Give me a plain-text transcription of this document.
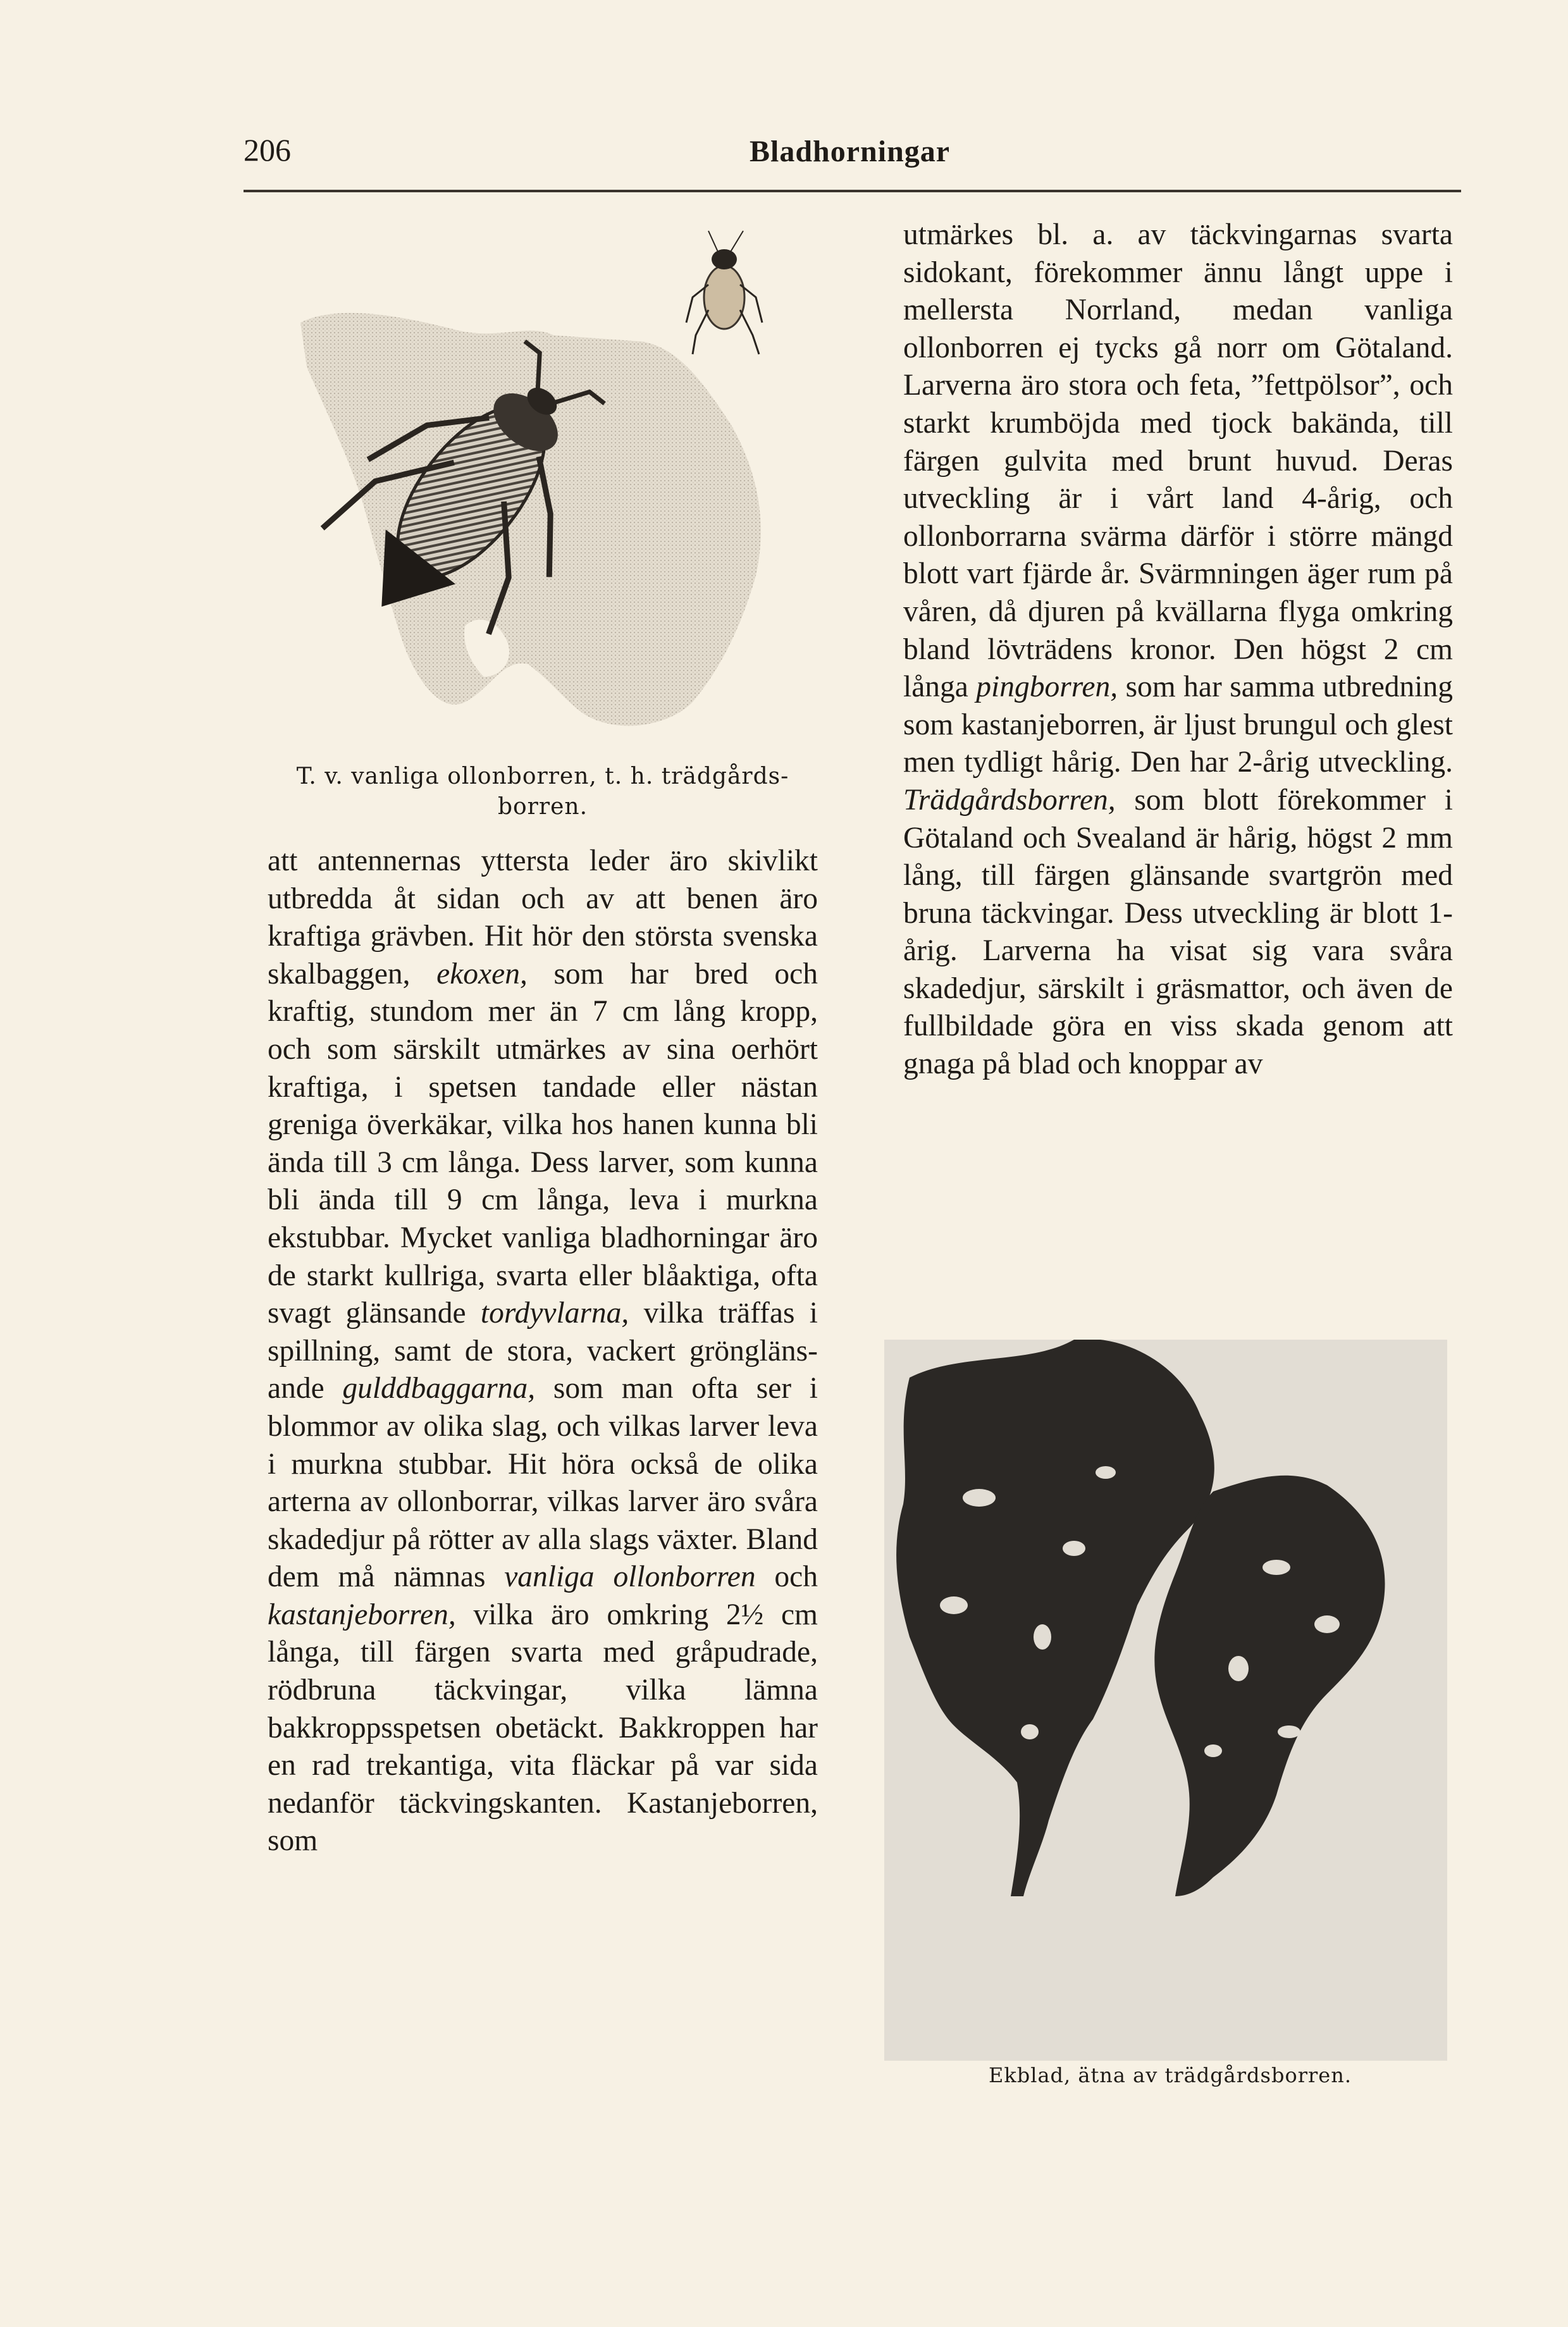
206	Bladhorningar
T. v. vanliga ollonborren, t. h. trädgårds-
borren.

att antennernas yttersta leder äro skivlikt utbredda åt sidan och av att benen äro kraftiga grävben. Hit hör den största svenska skalbaggen, ekoxen, som har bred och kraftig, stundom mer än 7 cm lång kropp, och som särskilt utmärkes av sina oerhört kraftiga, i spetsen tandade eller nästan greniga överkäkar, vilka hos hanen kunna bli ända till 3 cm långa. Dess larver, som kunna bli ända till 9 cm långa, leva i murkna ekstubbar. Mycket vanliga bladhorningar äro de starkt kullriga, svarta eller blåaktiga, ofta svagt glänsande tordyvlarna, vilka träffas i spillning, samt de stora, vackert grönglänsande gulddbaggarna, som man ofta ser i blommor av olika slag, och vilkas larver leva i murkna stubbar. Hit höra också de olika arterna av ollonborrar, vilkas larver äro svåra skadedjur på rötter av alla slags växter. Bland dem må nämnas vanliga ollonborren och kastanjeborren, vilka äro omkring 2½ cm långa, till färgen svarta med gråpudrade, rödbruna täckvingar, vilka lämna bakkroppsspetsen obetäckt. Bakkroppen har en rad trekantiga, vita fläckar på var sida nedanför täckvingskanten. Kastanjeborren, som

utmärkes bl. a. av täckvingarnas svarta sidokant, förekommer ännu långt uppe i mellersta Norrland, medan vanliga ollonborren ej tycks gå norr om Götaland. Larverna äro stora och feta, ”fettpölsor”, och starkt krumböjda med tjock bakända, till färgen gulvita med brunt huvud. Deras utveckling är i vårt land 4-årig, och ollonborrarna svärma därför i större mängd blott vart fjärde år. Svärmningen äger rum på våren, då djuren på kvällarna flyga omkring bland lövträdens kronor. Den högst 2 cm långa pingborren, som har samma utbredning som kastanjeborren, är ljust brungul och glest men tydligt hårig. Den har 2-årig utveckling. Trädgårdsborren, som blott förekommer i Götaland och Svealand är hårig, högst 2 mm lång, till färgen glänsande svartgrön med bruna täckvingar. Dess utveckling är blott 1-årig. Larverna ha visat sig vara svåra skadedjur, särskilt i gräsmattor, och även de fullbildade göra en viss skada genom att gnaga på blad och knoppar av

Ekblad, ätna av trädgårdsborren.
